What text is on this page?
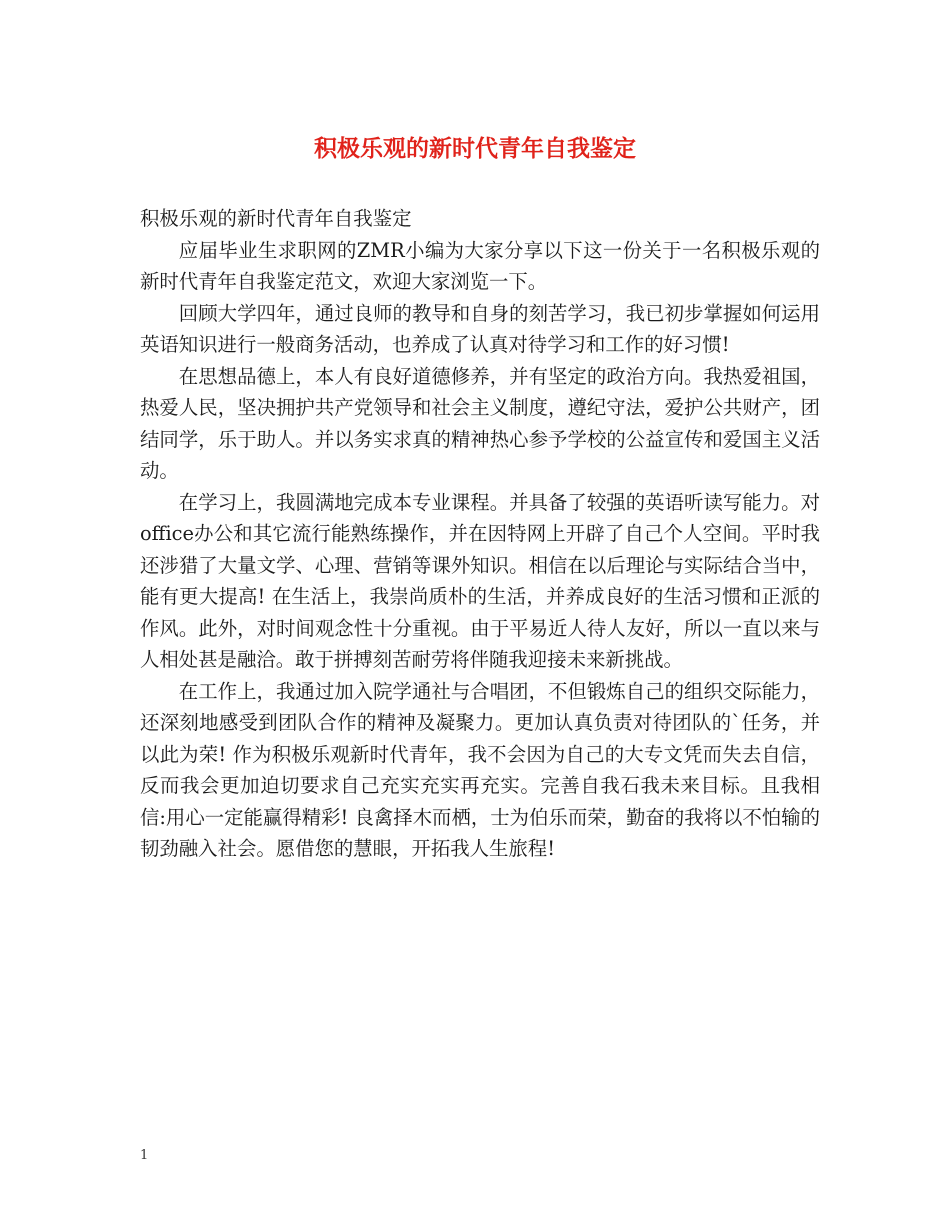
积极乐观的新时代青年自我鉴定

积极乐观的新时代青年自我鉴定

应届毕业生求职网的ZMR小编为大家分享以下这一份关于一名积极乐观的新时代青年自我鉴定范文，欢迎大家浏览一下。

回顾大学四年，通过良师的教导和自身的刻苦学习，我已初步掌握如何运用英语知识进行一般商务活动，也养成了认真对待学习和工作的好习惯!

在思想品德上，本人有良好道德修养，并有坚定的政治方向。我热爱祖国，热爱人民，坚决拥护共产党领导和社会主义制度，遵纪守法，爱护公共财产，团结同学，乐于助人。并以务实求真的精神热心参予学校的公益宣传和爱国主义活动。

在学习上，我圆满地完成本专业课程。并具备了较强的英语听读写能力。对office办公和其它流行能熟练操作，并在因特网上开辟了自己个人空间。平时我还涉猎了大量文学、心理、营销等课外知识。相信在以后理论与实际结合当中，能有更大提高! 在生活上，我崇尚质朴的生活，并养成良好的生活习惯和正派的作风。此外，对时间观念性十分重视。由于平易近人待人友好，所以一直以来与人相处甚是融洽。敢于拼搏刻苦耐劳将伴随我迎接未来新挑战。

在工作上，我通过加入院学通社与合唱团，不但锻炼自己的组织交际能力，还深刻地感受到团队合作的精神及凝聚力。更加认真负责对待团队的`任务，并以此为荣! 作为积极乐观新时代青年，我不会因为自己的大专文凭而失去自信，反而我会更加迫切要求自己充实充实再充实。完善自我石我未来目标。且我相信:用心一定能赢得精彩! 良禽择木而栖，士为伯乐而荣，勤奋的我将以不怕输的韧劲融入社会。愿借您的慧眼，开拓我人生旅程!

1
